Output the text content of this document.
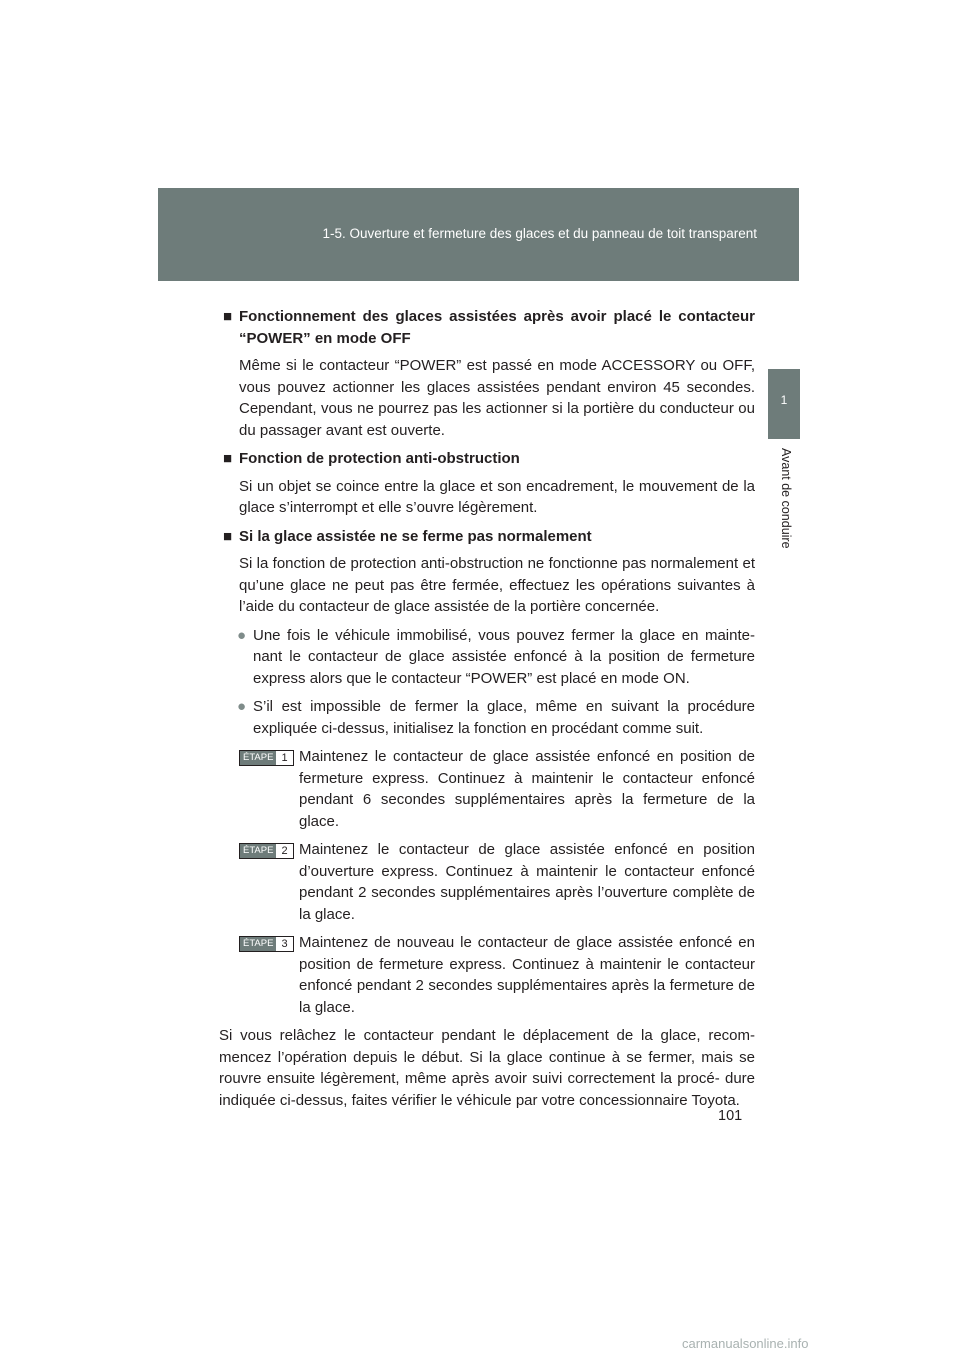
1-5. Ouverture et fermeture des glaces et du panneau de toit transparent
1
Avant de conduire
■ Fonctionnement des glaces assistées après avoir placé le contacteur “POWER” en mode OFF

Même si le contacteur “POWER” est passé en mode ACCESSORY ou OFF, vous pouvez actionner les glaces assistées pendant environ 45 secondes. Cependant, vous ne pourrez pas les actionner si la portière du conducteur ou du passager avant est ouverte.

■ Fonction de protection anti-obstruction

Si un objet se coince entre la glace et son encadrement, le mouvement de la glace s’interrompt et elle s’ouvre légèrement.

■ Si la glace assistée ne se ferme pas normalement

Si la fonction de protection anti-obstruction ne fonctionne pas normalement et qu’une glace ne peut pas être fermée, effectuez les opérations suivantes à l’aide du contacteur de glace assistée de la portière concernée.

● Une fois le véhicule immobilisé, vous pouvez fermer la glace en mainte- nant le contacteur de glace assistée enfoncé à la position de fermeture express alors que le contacteur “POWER” est placé en mode ON.
● S’il est impossible de fermer la glace, même en suivant la procédure expliquée ci-dessus, initialisez la fonction en procédant comme suit.
ÉTAPE 1 Maintenez le contacteur de glace assistée enfoncé en position de fermeture express. Continuez à maintenir le contacteur enfoncé pendant 6 secondes supplémentaires après la fermeture de la glace.
ÉTAPE 2 Maintenez le contacteur de glace assistée enfoncé en position d’ouverture express. Continuez à maintenir le contacteur enfoncé pendant 2 secondes supplémentaires après l’ouverture complète de la glace.
ÉTAPE 3 Maintenez de nouveau le contacteur de glace assistée enfoncé en position de fermeture express. Continuez à maintenir le contacteur enfoncé pendant 2 secondes supplémentaires après la fermeture de la glace.

Si vous relâchez le contacteur pendant le déplacement de la glace, recom- mencez l’opération depuis le début. Si la glace continue à se fermer, mais se rouvre ensuite légèrement, même après avoir suivi correctement la procé- dure indiquée ci-dessus, faites vérifier le véhicule par votre concessionnaire Toyota.

101
carmanualsonline.info
